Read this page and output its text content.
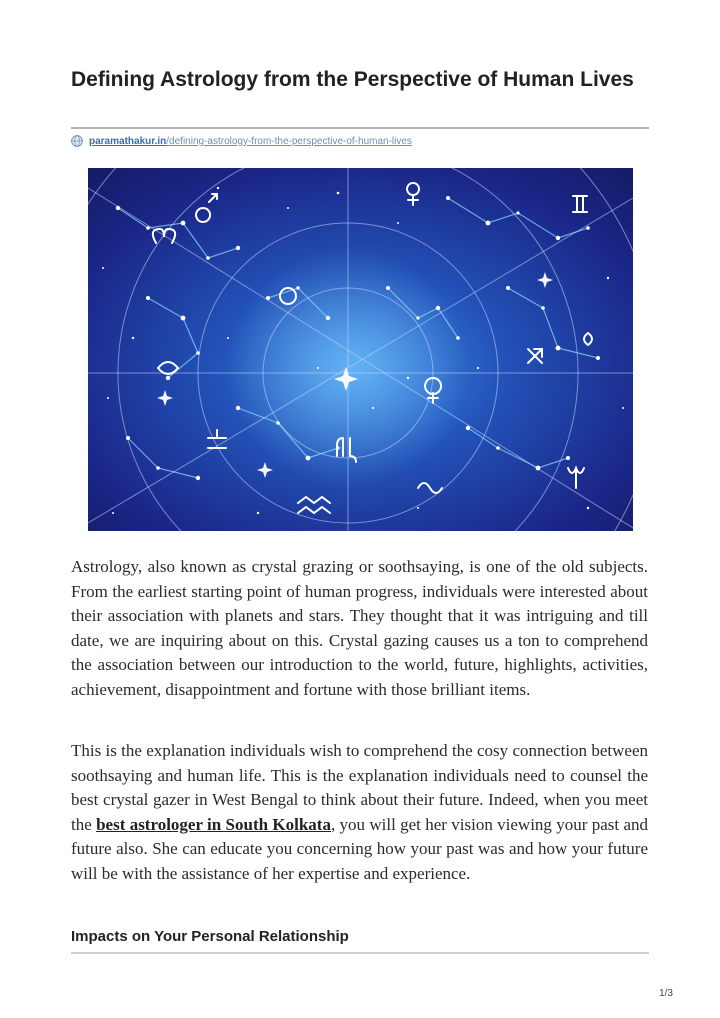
Defining Astrology from the Perspective of Human Lives
paramathakur.in /defining-astrology-from-the-perspective-of-human-lives

Astrology, also known as crystal grazing or soothsaying, is one of the old subjects. From the earliest starting point of human progress, individuals were interested about their association with planets and stars. They thought that it was intriguing and till date, we are inquiring about on this. Crystal gazing causes us a ton to comprehend the association between our introduction to the world, future, highlights, activities, achievement, disappointment and fortune with those brilliant items.

This is the explanation individuals wish to comprehend the cosy connection between soothsaying and human life. This is the explanation individuals need to counsel the best crystal gazer in West Bengal to think about their future. Indeed, when you meet the best astrologer in South Kolkata, you will get her vision viewing your past and future also. She can educate you concerning how your past was and how your future will be with the assistance of her expertise and experience.

Impacts on Your Personal Relationship
1/3
